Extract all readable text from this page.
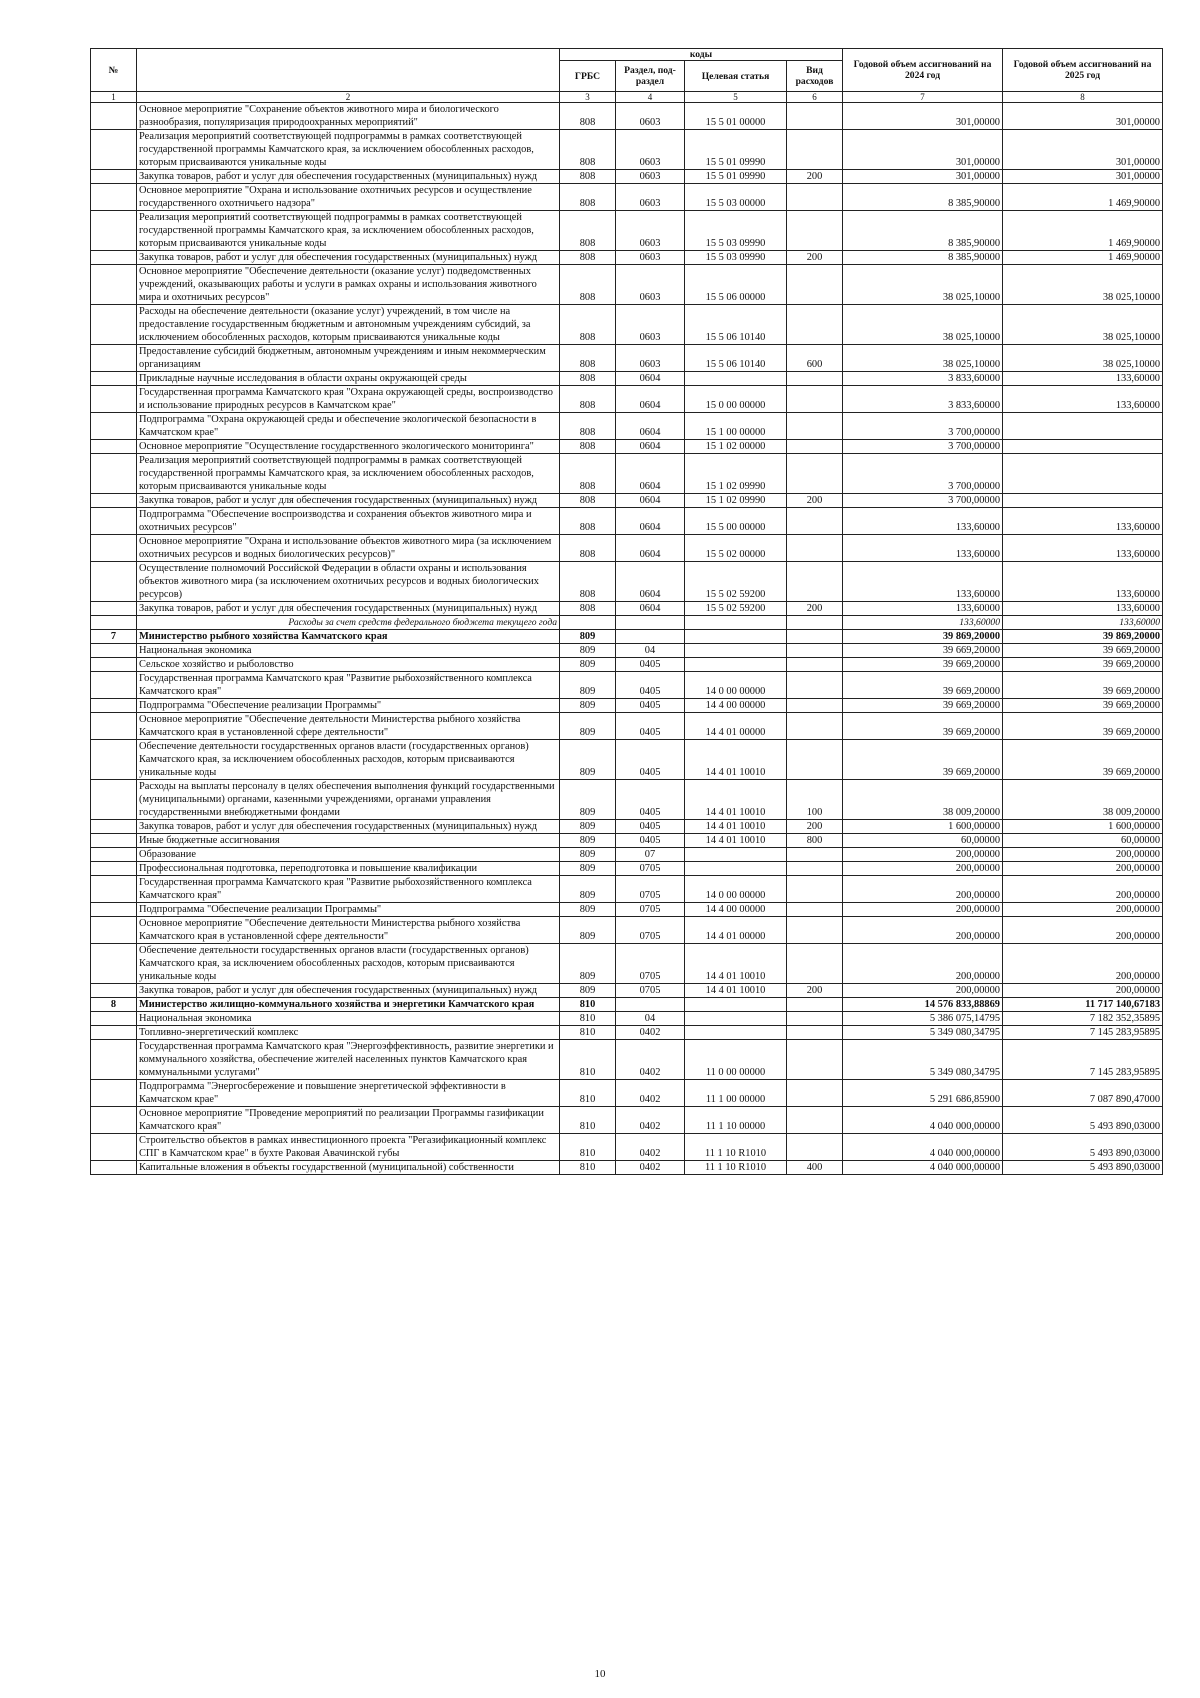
№		коды				Годовой объем ассигнований на 2024 год	Годовой объем ассигнований на 2025 год
		ГРБС	Раздел, под-раздел	Целевая статья	Вид расходов		
1	2	3	4	5	6	7	8
	Основное мероприятие "Сохранение объектов животного мира и биологического разнообразия, популяризация природоохранных мероприятий"	808	0603	15 5 01 00000		301,00000	301,00000
	Реализация мероприятий соответствующей подпрограммы в рамках соответствующей государственной программы Камчатского края, за исключением обособленных расходов, которым присваиваются уникальные коды	808	0603	15 5 01 09990		301,00000	301,00000
	Закупка товаров, работ и услуг для обеспечения государственных (муниципальных) нужд	808	0603	15 5 01 09990	200	301,00000	301,00000
	Основное мероприятие "Охрана и использование охотничьих ресурсов и осуществление государственного охотничьего надзора"	808	0603	15 5 03 00000		8 385,90000	1 469,90000
	Реализация мероприятий соответствующей подпрограммы в рамках соответствующей государственной программы Камчатского края, за исключением обособленных расходов, которым присваиваются уникальные коды	808	0603	15 5 03 09990		8 385,90000	1 469,90000
	Закупка товаров, работ и услуг для обеспечения государственных (муниципальных) нужд	808	0603	15 5 03 09990	200	8 385,90000	1 469,90000
	Основное мероприятие "Обеспечение деятельности (оказание услуг) подведомственных учреждений, оказывающих работы и услуги в рамках охраны и использования животного мира и охотничьих ресурсов"	808	0603	15 5 06 00000		38 025,10000	38 025,10000
	Расходы на обеспечение деятельности (оказание услуг) учреждений, в том числе на предоставление государственным бюджетным и автономным учреждениям субсидий, за исключением обособленных расходов, которым присваиваются уникальные коды	808	0603	15 5 06 10140		38 025,10000	38 025,10000
	Предоставление субсидий бюджетным, автономным учреждениям и иным некоммерческим организациям	808	0603	15 5 06 10140	600	38 025,10000	38 025,10000
	Прикладные научные исследования в области охраны окружающей среды	808	0604			3 833,60000	133,60000
	Государственная программа Камчатского края "Охрана окружающей среды, воспроизводство и использование природных ресурсов в Камчатском крае"	808	0604	15 0 00 00000		3 833,60000	133,60000
	Подпрограмма "Охрана окружающей среды и обеспечение экологической безопасности в Камчатском крае"	808	0604	15 1 00 00000		3 700,00000	
	Основное мероприятие "Осуществление государственного экологического мониторинга"	808	0604	15 1 02 00000		3 700,00000	
	Реализация мероприятий соответствующей подпрограммы в рамках соответствующей государственной программы Камчатского края, за исключением обособленных расходов, которым присваиваются уникальные коды	808	0604	15 1 02 09990		3 700,00000	
	Закупка товаров, работ и услуг для обеспечения государственных (муниципальных) нужд	808	0604	15 1 02 09990	200	3 700,00000	
	Подпрограмма "Обеспечение воспроизводства и сохранения объектов животного мира и охотничьих ресурсов"	808	0604	15 5 00 00000		133,60000	133,60000
	Основное мероприятие "Охрана и использование объектов животного мира (за исключением охотничьих ресурсов и водных биологических ресурсов)"	808	0604	15 5 02 00000		133,60000	133,60000
	Осуществление полномочий Российской Федерации в области охраны и использования объектов животного мира (за исключением охотничьих ресурсов и водных биологических ресурсов)	808	0604	15 5 02 59200		133,60000	133,60000
	Закупка товаров, работ и услуг для обеспечения государственных (муниципальных) нужд	808	0604	15 5 02 59200	200	133,60000	133,60000
	Расходы за счет средств федерального бюджета текущего года					133,60000	133,60000
7	Министерство рыбного хозяйства Камчатского края	809				39 869,20000	39 869,20000
	Национальная экономика	809	04			39 669,20000	39 669,20000
	Сельское хозяйство и рыболовство	809	0405			39 669,20000	39 669,20000
	Государственная программа Камчатского края "Развитие рыбохозяйственного комплекса Камчатского края"	809	0405	14 0 00 00000		39 669,20000	39 669,20000
	Подпрограмма "Обеспечение реализации Программы"	809	0405	14 4 00 00000		39 669,20000	39 669,20000
	Основное мероприятие "Обеспечение деятельности Министерства рыбного хозяйства Камчатского края в установленной сфере деятельности"	809	0405	14 4 01 00000		39 669,20000	39 669,20000
	Обеспечение деятельности государственных органов власти (государственных органов) Камчатского края, за исключением обособленных расходов, которым присваиваются уникальные коды	809	0405	14 4 01 10010		39 669,20000	39 669,20000
	Расходы на выплаты персоналу в целях обеспечения выполнения функций государственными (муниципальными) органами, казенными учреждениями, органами управления государственными внебюджетными фондами	809	0405	14 4 01 10010	100	38 009,20000	38 009,20000
	Закупка товаров, работ и услуг для обеспечения государственных (муниципальных) нужд	809	0405	14 4 01 10010	200	1 600,00000	1 600,00000
	Иные бюджетные ассигнования	809	0405	14 4 01 10010	800	60,00000	60,00000
	Образование	809	07			200,00000	200,00000
	Профессиональная подготовка, переподготовка и повышение квалификации	809	0705			200,00000	200,00000
	Государственная программа Камчатского края "Развитие рыбохозяйственного комплекса Камчатского края"	809	0705	14 0 00 00000		200,00000	200,00000
	Подпрограмма "Обеспечение реализации Программы"	809	0705	14 4 00 00000		200,00000	200,00000
	Основное мероприятие "Обеспечение деятельности Министерства рыбного хозяйства Камчатского края в установленной сфере деятельности"	809	0705	14 4 01 00000		200,00000	200,00000
	Обеспечение деятельности государственных органов власти (государственных органов) Камчатского края, за исключением обособленных расходов, которым присваиваются уникальные коды	809	0705	14 4 01 10010		200,00000	200,00000
	Закупка товаров, работ и услуг для обеспечения государственных (муниципальных) нужд	809	0705	14 4 01 10010	200	200,00000	200,00000
8	Министерство жилищно-коммунального хозяйства и энергетики Камчатского края	810				14 576 833,88869	11 717 140,67183
	Национальная экономика	810	04			5 386 075,14795	7 182 352,35895
	Топливно-энергетический комплекс	810	0402			5 349 080,34795	7 145 283,95895
	Государственная программа Камчатского края "Энергоэффективность, развитие энергетики и коммунального хозяйства, обеспечение жителей населенных пунктов Камчатского края коммунальными услугами"	810	0402	11 0 00 00000		5 349 080,34795	7 145 283,95895
	Подпрограмма "Энергосбережение и повышение энергетической эффективности в Камчатском крае"	810	0402	11 1 00 00000		5 291 686,85900	7 087 890,47000
	Основное мероприятие "Проведение мероприятий по реализации Программы газификации Камчатского края"	810	0402	11 1 10 00000		4 040 000,00000	5 493 890,03000
	Строительство объектов в рамках инвестиционного проекта "Регазификационный комплекс СПГ в Камчатском крае" в бухте Раковая Авачинской губы	810	0402	11 1 10 R1010		4 040 000,00000	5 493 890,03000
	Капитальные вложения в объекты государственной (муниципальной) собственности	810	0402	11 1 10 R1010	400	4 040 000,00000	5 493 890,03000
10
